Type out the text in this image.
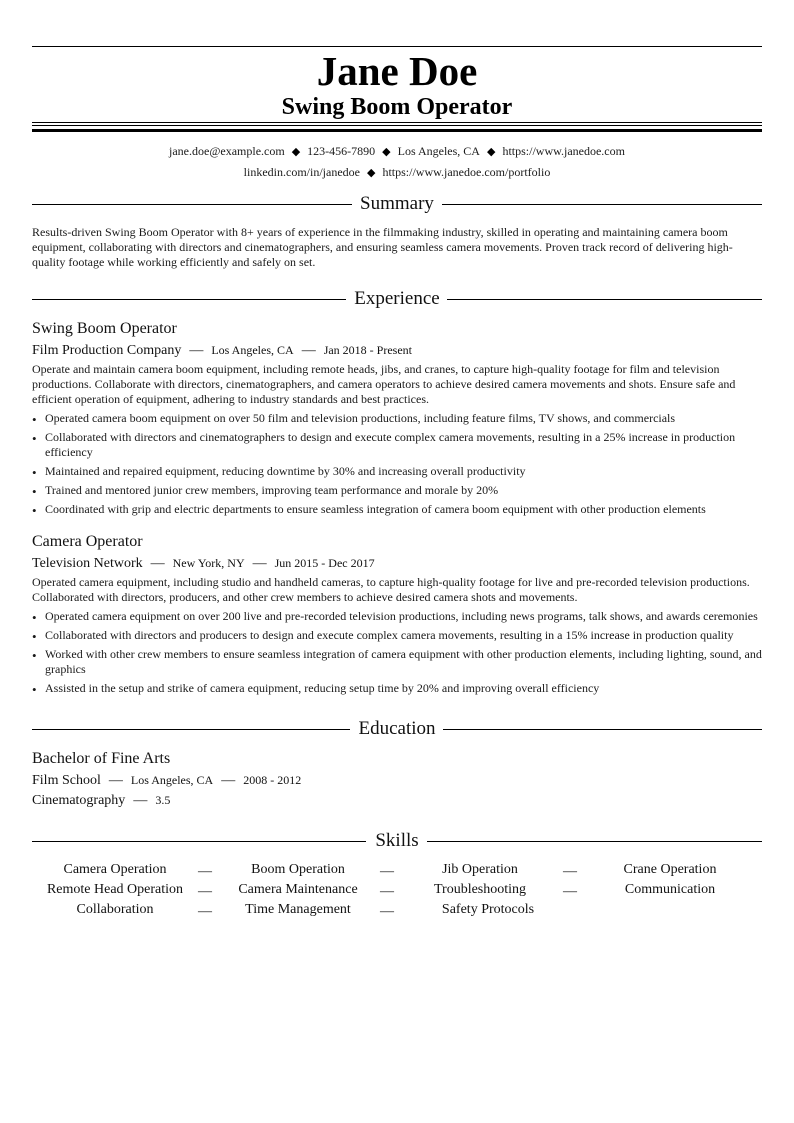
Jane Doe
Swing Boom Operator
jane.doe@example.com ◆ 123-456-7890 ◆ Los Angeles, CA ◆ https://www.janedoe.com
linkedin.com/in/janedoe ◆ https://www.janedoe.com/portfolio
Summary
Results-driven Swing Boom Operator with 8+ years of experience in the filmmaking industry, skilled in operating and maintaining camera boom equipment, collaborating with directors and cinematographers, and ensuring seamless camera movements. Proven track record of delivering high-quality footage while working efficiently and safely on set.
Experience
Swing Boom Operator
Film Production Company — Los Angeles, CA — Jan 2018 - Present
Operate and maintain camera boom equipment, including remote heads, jibs, and cranes, to capture high-quality footage for film and television productions. Collaborate with directors, cinematographers, and camera operators to achieve desired camera movements and shots. Ensure safe and efficient operation of equipment, adhering to industry standards and best practices.
• Operated camera boom equipment on over 50 film and television productions, including feature films, TV shows, and commercials
• Collaborated with directors and cinematographers to design and execute complex camera movements, resulting in a 25% increase in production efficiency
• Maintained and repaired equipment, reducing downtime by 30% and increasing overall productivity
• Trained and mentored junior crew members, improving team performance and morale by 20%
• Coordinated with grip and electric departments to ensure seamless integration of camera boom equipment with other production elements
Camera Operator
Television Network — New York, NY — Jun 2015 - Dec 2017
Operated camera equipment, including studio and handheld cameras, to capture high-quality footage for live and pre-recorded television productions. Collaborated with directors, producers, and other crew members to achieve desired camera shots and movements.
• Operated camera equipment on over 200 live and pre-recorded television productions, including news programs, talk shows, and awards ceremonies
• Collaborated with directors and producers to design and execute complex camera movements, resulting in a 15% increase in production quality
• Worked with other crew members to ensure seamless integration of camera equipment with other production elements, including lighting, sound, and graphics
• Assisted in the setup and strike of camera equipment, reducing setup time by 20% and improving overall efficiency
Education
Bachelor of Fine Arts
Film School — Los Angeles, CA — 2008 - 2012
Cinematography — 3.5
Skills
Camera Operation	—	Boom Operation	—	Jib Operation	—	Crane Operation
Remote Head Operation	—	Camera Maintenance	—	Troubleshooting	—	Communication
Collaboration	—	Time Management	—	Safety Protocols
